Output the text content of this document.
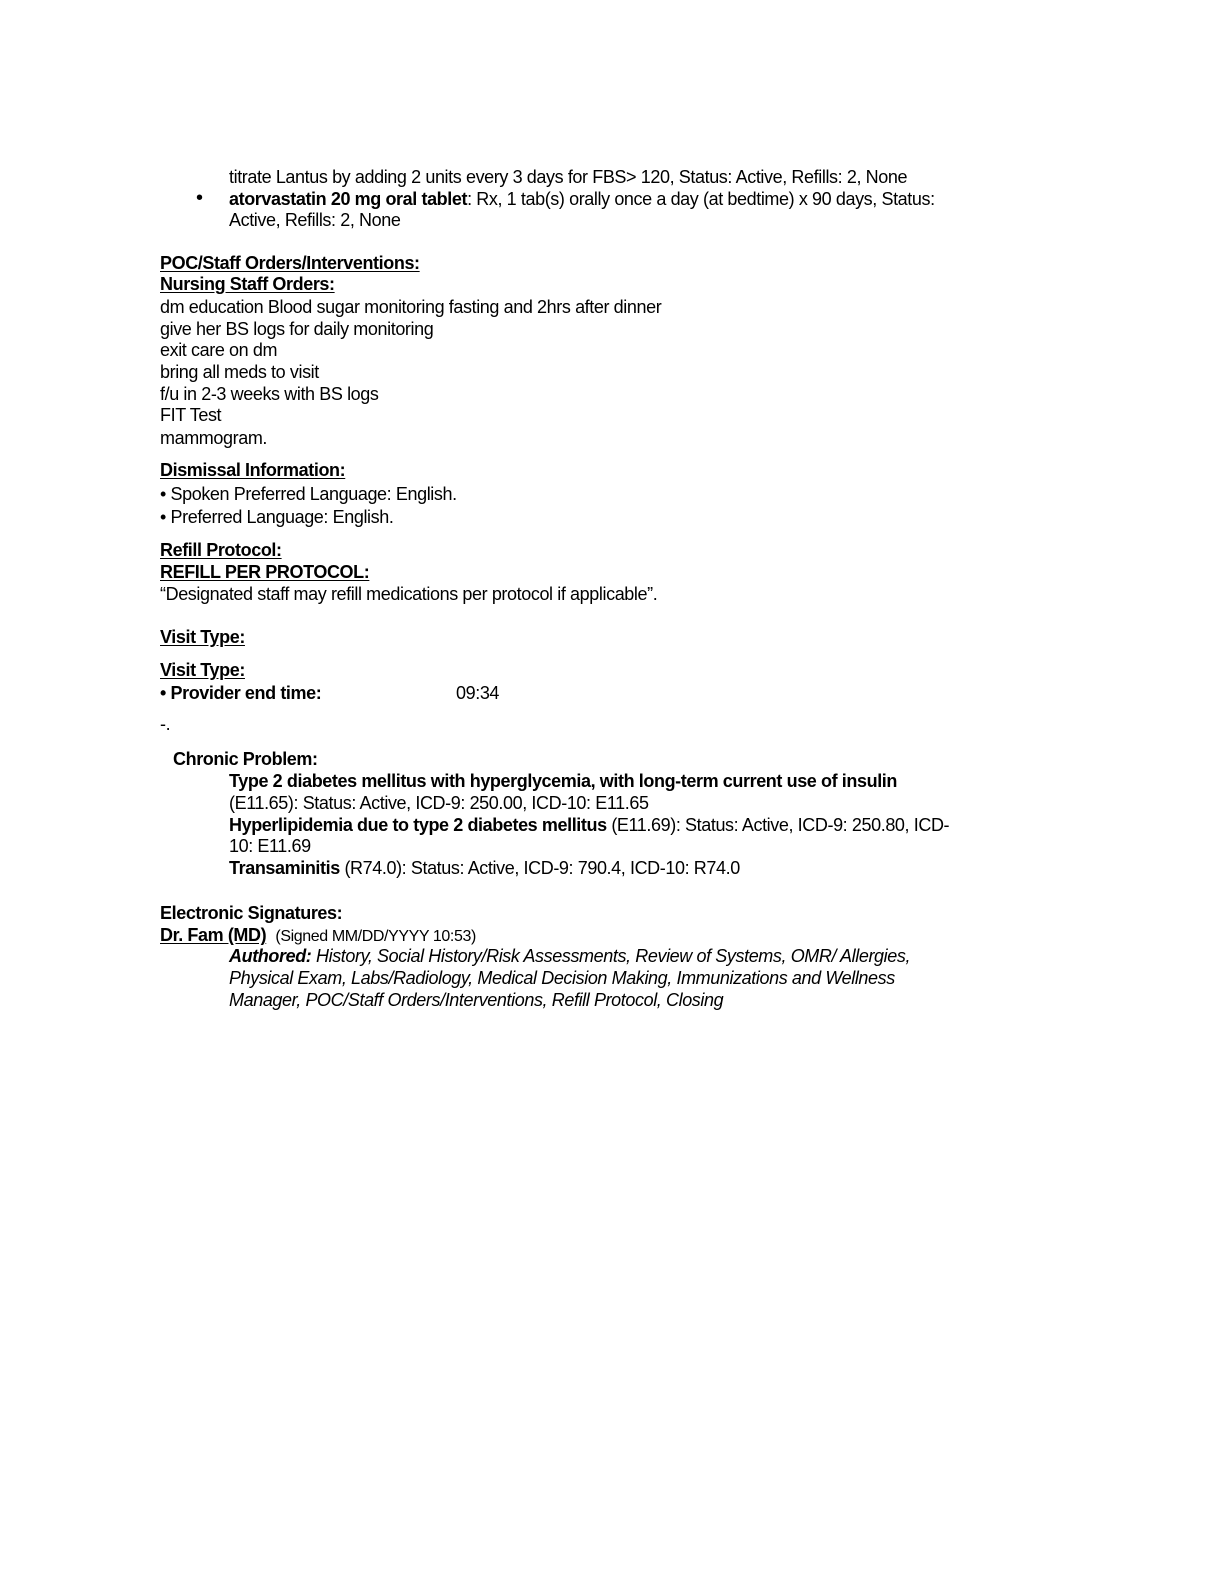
titrate Lantus by adding 2 units every 3 days for FBS> 120, Status: Active, Refills: 2, None
• atorvastatin 20 mg oral tablet: Rx, 1 tab(s) orally once a day (at bedtime) x 90 days, Status:
Active, Refills: 2, None
POC/Staff Orders/Interventions:
Nursing Staff Orders:
dm education Blood sugar monitoring fasting and 2hrs after dinner
give her BS logs for daily monitoring
exit care on dm
bring all meds to visit
f/u in 2-3 weeks with BS logs
FIT Test
mammogram.
Dismissal Information:
• Spoken Preferred Language: English.
• Preferred Language: English.
Refill Protocol:
REFILL PER PROTOCOL:
“Designated staff may refill medications per protocol if applicable”.
Visit Type:
Visit Type:
• Provider end time:	09:34
-.
Chronic Problem:
Type 2 diabetes mellitus with hyperglycemia, with long-term current use of insulin
(E11.65): Status: Active, ICD-9: 250.00, ICD-10: E11.65
Hyperlipidemia due to type 2 diabetes mellitus (E11.69): Status: Active, ICD-9: 250.80, ICD-
10: E11.69
Transaminitis (R74.0): Status: Active, ICD-9: 790.4, ICD-10: R74.0
Electronic Signatures:
Dr. Fam (MD) (Signed MM/DD/YYYY 10:53)
Authored: History, Social History/Risk Assessments, Review of Systems, OMR/ Allergies,
Physical Exam, Labs/Radiology, Medical Decision Making, Immunizations and Wellness
Manager, POC/Staff Orders/Interventions, Refill Protocol, Closing
